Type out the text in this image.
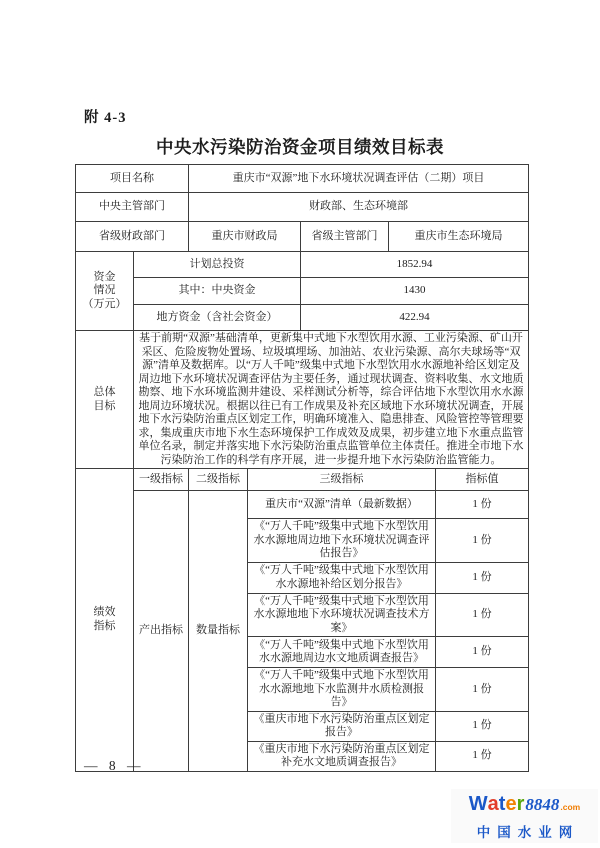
附 4-3
中央水污染防治资金项目绩效目标表
项目名称		重庆市“双源”地下水环境状况调查评估（二期）项目				
中央主管部门		财政部、生态环境部				
省级财政部门		重庆市财政局		省级主管部门	重庆市生态环境局	

资金
情况
（万元）	计划总投资			1852.94		
	其中：中央资金			1430		
	地方资金（含社会资金）			422.94		

总体
目标	基于前期“双源”基础清单，更新集中式地下水型饮用水源、工业污染源、矿山开采区、危险废物处置场、垃圾填埋场、加油站、农业污染源、高尔夫球场等“双源”清单及数据库。以“万人千吨”级集中式地下水型饮用水水源地补给区划定及周边地下水环境状况调查评估为主要任务，通过现状调查、资料收集、水文地质勘察、地下水环境监测井建设、采样测试分析等，综合评估地下水型饮用水水源地周边环境状况。根据以往已有工作成果及补充区域地下水环境状况调查，开展地下水污染防治重点区划定工作，明确环境准入、隐患排查、风险管控等管理要求，集成重庆市地下水生态环境保护工作成效及成果，初步建立地下水重点监管单位名录，制定并落实地下水污染防治重点监管单位主体责任。推进全市地下水污染防治工作的科学有序开展，进一步提升地下水污染防治监管能力。					

绩效
指标	一级指标	二级指标	三级指标			指标值
	产出指标	数量指标	重庆市“双源”清单（最新数据）			1 份
			《“万人千吨”级集中式地下水型饮用水水源地周边地下水环境状况调查评估报告》			1 份
			《“万人千吨”级集中式地下水型饮用水水源地补给区划分报告》			1 份
			《“万人千吨”级集中式地下水型饮用水水源地地下水环境状况调查技术方案》			1 份
			《“万人千吨”级集中式地下水型饮用水水源地周边水文地质调查报告》			1 份
			《“万人千吨”级集中式地下水型饮用水水源地地下水监测井水质检测报告》			1 份
			《重庆市地下水污染防治重点区划定报告》			1 份
			《重庆市地下水污染防治重点区划定补充水文地质调查报告》			1 份
— 8 —
Water 8848 .com
中国水业网
